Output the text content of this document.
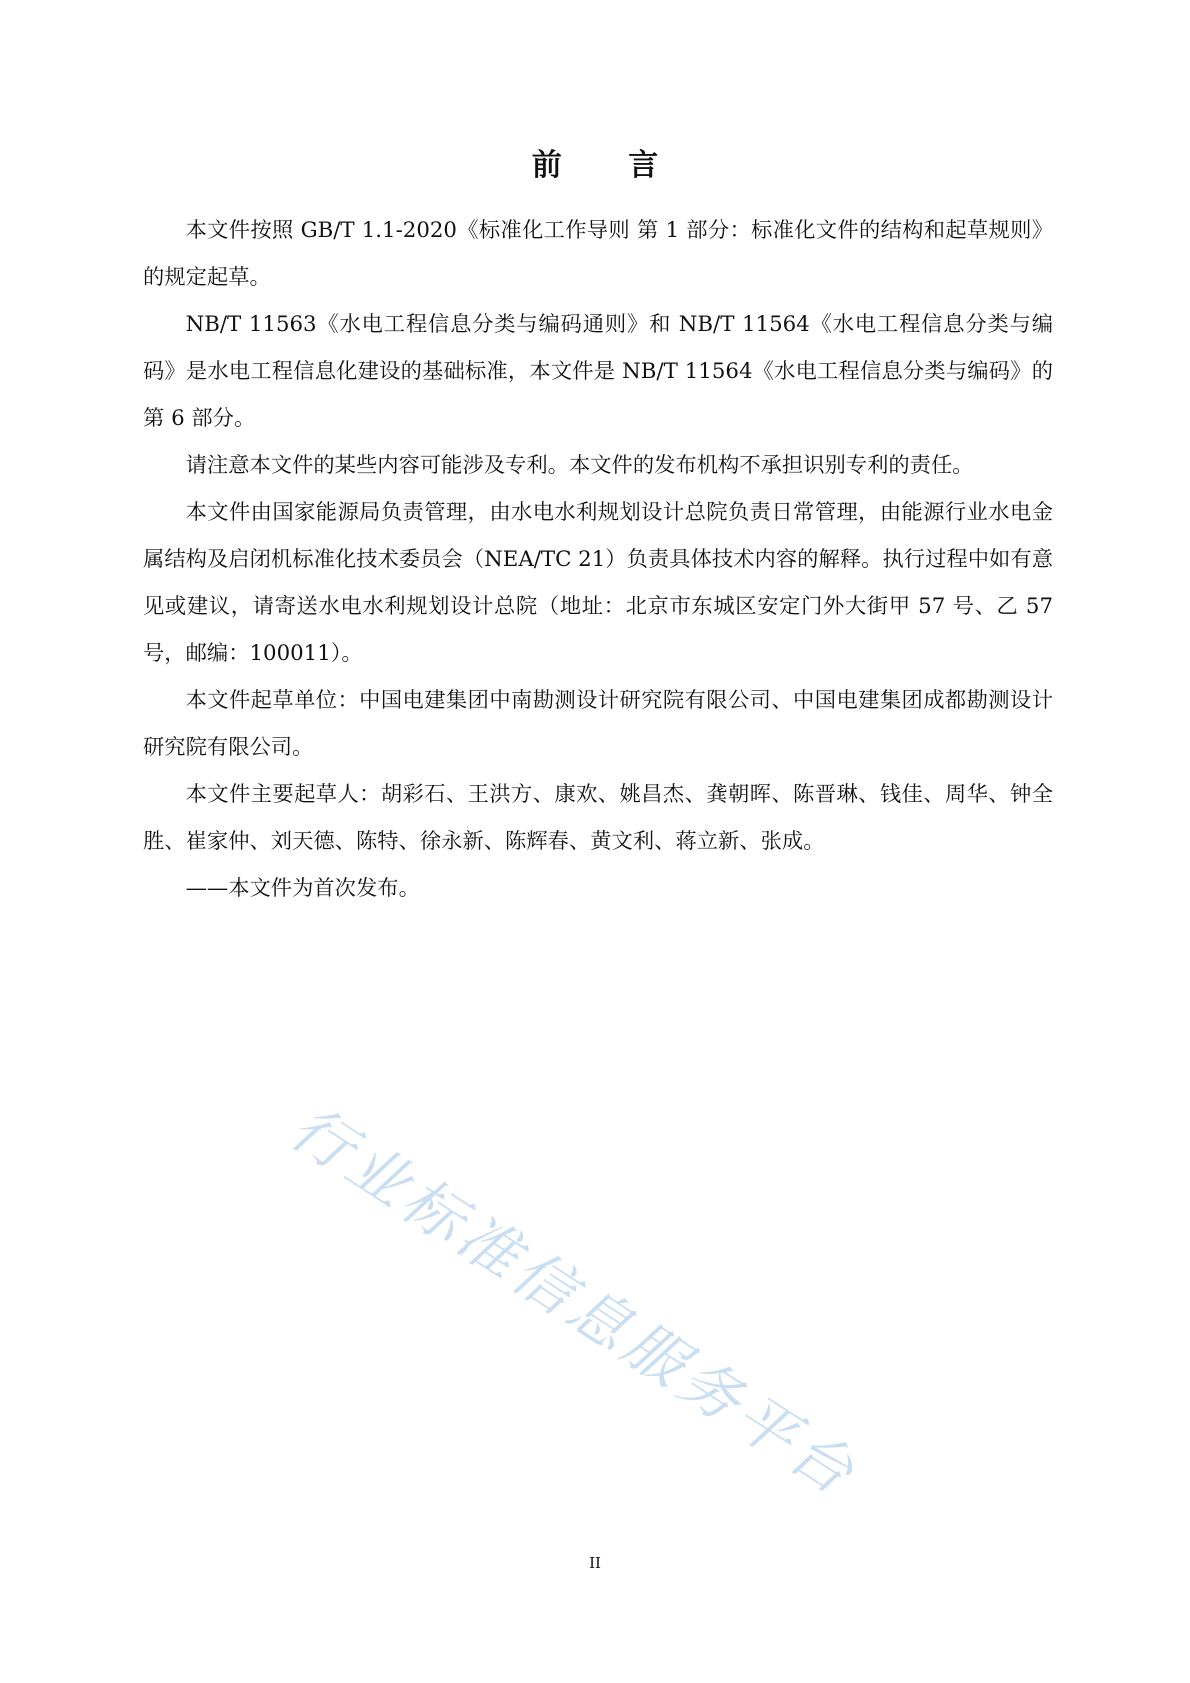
前 言

本文件按照 GB/T 1.1-2020《标准化工作导则 第 1 部分：标准化文件的结构和起草规则》的规定起草。

NB/T 11563《水电工程信息分类与编码通则》和 NB/T 11564《水电工程信息分类与编码》是水电工程信息化建设的基础标准，本文件是 NB/T 11564《水电工程信息分类与编码》的第 6 部分。

请注意本文件的某些内容可能涉及专利。本文件的发布机构不承担识别专利的责任。

本文件由国家能源局负责管理，由水电水利规划设计总院负责日常管理，由能源行业水电金属结构及启闭机标准化技术委员会（NEA/TC 21）负责具体技术内容的解释。执行过程中如有意见或建议，请寄送水电水利规划设计总院（地址：北京市东城区安定门外大街甲 57 号、乙 57 号，邮编：100011）。

本文件起草单位：中国电建集团中南勘测设计研究院有限公司、中国电建集团成都勘测设计研究院有限公司。

本文件主要起草人：胡彩石、王洪方、康欢、姚昌杰、龚朝晖、陈晋琳、钱佳、周华、钟全胜、崔家仲、刘天德、陈特、徐永新、陈辉春、黄文利、蒋立新、张成。

——本文件为首次发布。

行业标准信息服务平台
II
